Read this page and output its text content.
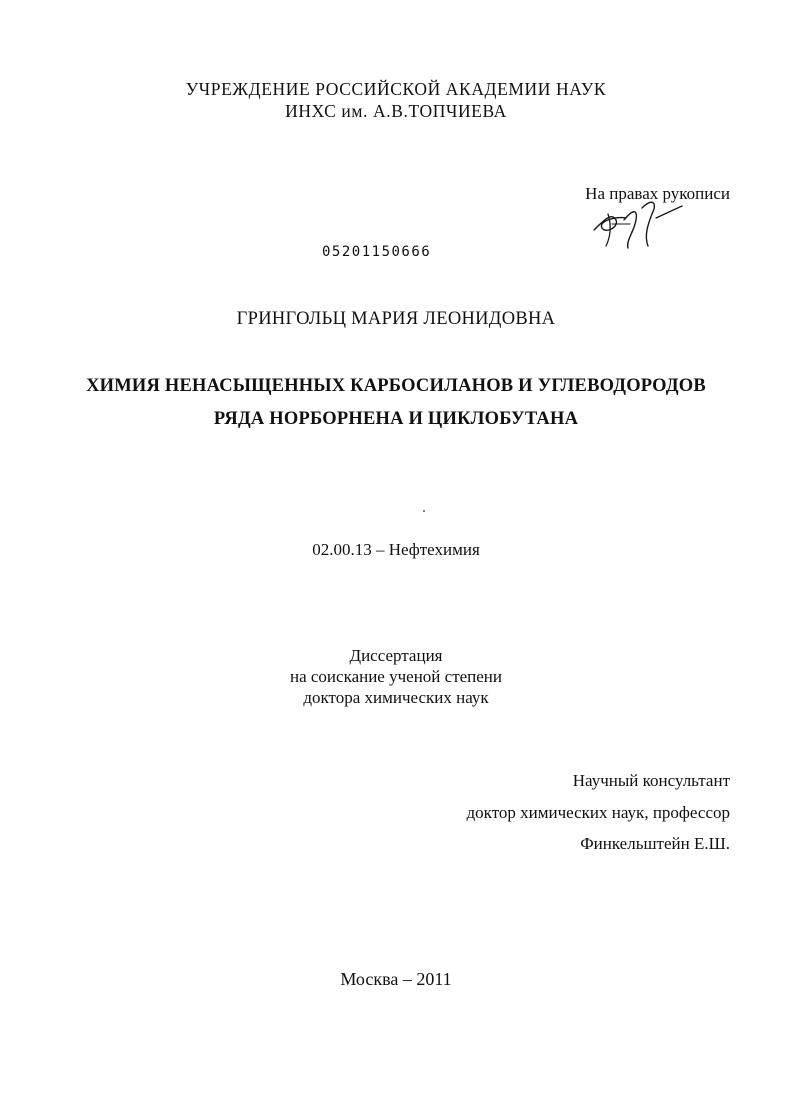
УЧРЕЖДЕНИЕ РОССИЙСКОЙ АКАДЕМИИ НАУК
ИНХС им. А.В.ТОПЧИЕВА
На правах рукописи
05201150666
ГРИНГОЛЬЦ МАРИЯ ЛЕОНИДОВНА
ХИМИЯ НЕНАСЫЩЕННЫХ КАРБОСИЛАНОВ И УГЛЕВОДОРОДОВ
РЯДА НОРБОРНЕНА И ЦИКЛОБУТАНА
02.00.13 – Нефтехимия
Диссертация
на соискание ученой степени
доктора химических наук
Научный консультант
доктор химических наук, профессор
Финкельштейн Е.Ш.
Москва – 2011
